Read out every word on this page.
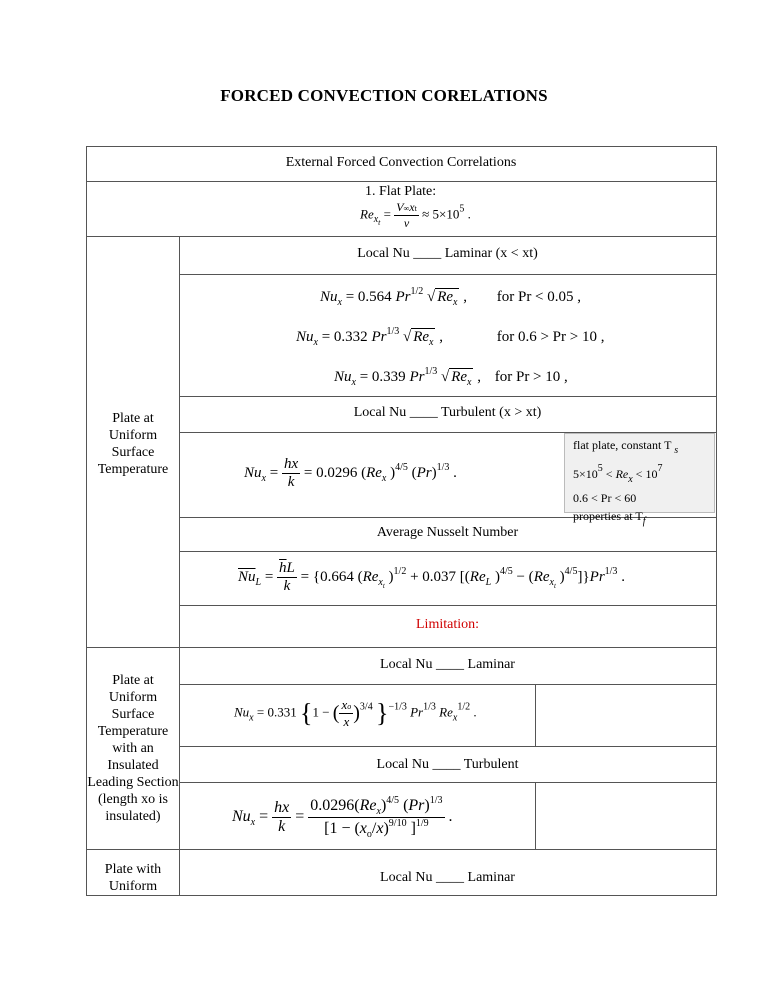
FORCED CONVECTION CORELATIONS
External Forced Convection Correlations
1. Flat Plate:
$Re_{x_t} = \frac{V\infty xt}{\nu} \approx 5\times 10^5$ .
Plate at Uniform Surface Temperature
Local Nu ____ Laminar (x < xt)
$Nu_x = 0.564$ $Pr^{1/2}$ √ $Re_x$ , for Pr < 0.05 ,
$Nu_x = 0.332$ $Pr^{1/3}$ √ $Re_x$ ,	for 0.6 > Pr > 10 ,
$Nu_x = 0.339$ $Pr^{1/3}$ √ $Re_x$ , for Pr > 10 ,
Local Nu ____ Turbulent (x > xt)
$Nu_x = \frac{hx}{k} = 0.0296$ ($Re_x$ )$^{4/5}$ $(Pr)^{1/3}$ .
flat plate, constant T $_s$
$5\times 10^5 < Re_x < 10^7$
0.6 < Pr < 60
properties at $T_f$
Average Nusselt Number
$\overline{Nu}_L = \frac{\overline{h}L}{k} = \{0.664$ ($Re_{x_t}$ )$^{1/2}$ + 0.037 [($Re_L$ )$^{4/5} - (Re_{x_t}$ )$^{4/5}]\}Pr^{1/3}$ .
Limitation:
Plate at Uniform Surface Temperature with an Insulated Leading Section (length xo is insulated)
Local Nu ____ Laminar
$Nu_x = 0.331$ {1 − ( $\frac{xo}{x} )^{3/4}$ }$^{-1/3}$ $Pr^{1/3}$ $Re_x^{1/2}$ .
Local Nu ____ Turbulent
$Nu_x = \frac{hx}{k} = \frac{0.0296(Re_x)^{4/5} (Pr)^{1/3}}{[1 - (x_o/x)^{9/10} ]^{1/9}}$ .
Plate with Uniform
Local Nu ____ Laminar
